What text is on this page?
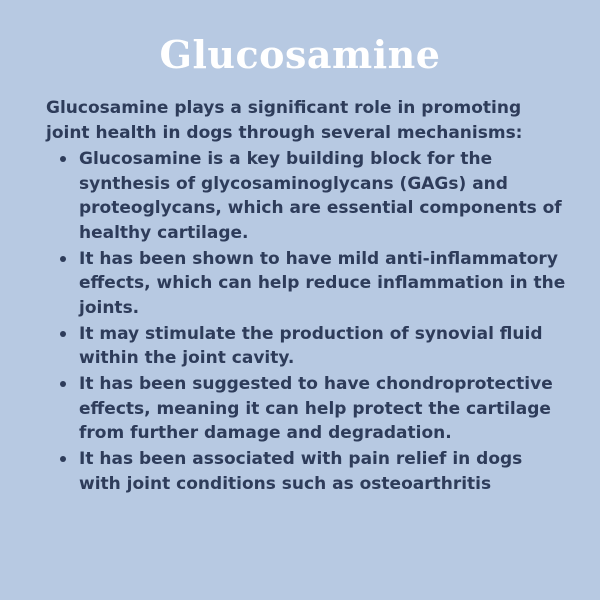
Glucosamine
Glucosamine plays a significant role in promoting joint health in dogs through several mechanisms:
Glucosamine is a key building block for the synthesis of glycosaminoglycans (GAGs) and proteoglycans, which are essential components of healthy cartilage.
It has been shown to have mild anti-inflammatory effects, which can help reduce inflammation in the joints.
It may stimulate the production of synovial fluid within the joint cavity.
It has been suggested to have chondroprotective effects, meaning it can help protect the cartilage from further damage and degradation.
It has been associated with pain relief in dogs with joint conditions such as osteoarthritis
